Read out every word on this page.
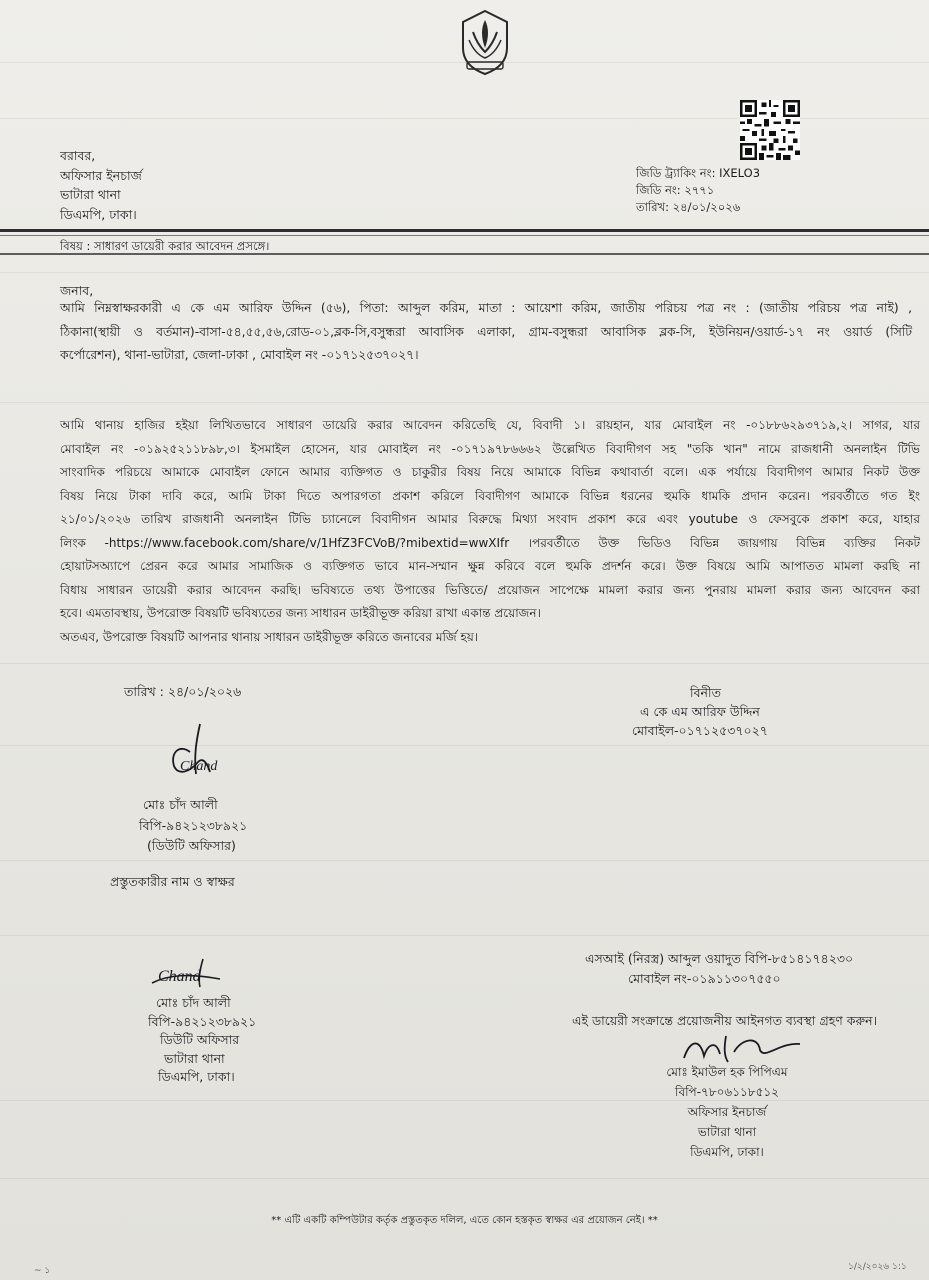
বরাবর,
অফিসার ইনচার্জ
ভাটারা থানা
ডিএমপি, ঢাকা।
জিডি ট্র্যাকিং নং: IXELO3
জিডি নং: ২৭৭১
তারিখ: ২৪/০১/২০২৬
বিষয় : সাধারণ ডায়েরী করার আবেদন প্রসঙ্গে।
জনাব,
আমি নিম্নস্বাক্ষরকারী এ কে এম আরিফ উদ্দিন (৫৬), পিতা: আব্দুল করিম, মাতা : আয়েশা করিম, জাতীয় পরিচয় পত্র নং : (জাতীয় পরিচয় পত্র নাই) ,
ঠিকানা(স্থায়ী ও বর্তমান)-বাসা-৫৪,৫৫,৫৬,রোড-০১,ব্লক-সি,বসুন্ধরা আবাসিক এলাকা, গ্রাম-বসুন্ধরা আবাসিক ব্লক-সি, ইউনিয়ন/ওয়ার্ড-১৭ নং ওয়ার্ড (সিটি
কর্পোরেশন), থানা-ভাটারা, জেলা-ঢাকা , মোবাইল নং -০১৭১২৫৩৭০২৭।
আমি থানায় হাজির হইয়া লিখিতভাবে সাধারণ ডায়েরি করার আবেদন করিতেছি যে, বিবাদী ১। রায়হান, যার মোবাইল নং -০১৮৮৬২৯৩৭১৯,২। সাগর, যার
মোবাইল নং -০১৯২৫২১১৮৯৮,৩। ইসমাইল হোসেন, যার মোবাইল নং -০১৭১৯৭৮৬৬৬২ উল্লেখিত বিবাদীগণ সহ "তকি খান" নামে রাজধানী অনলাইন টিভি
সাংবাদিক পরিচয়ে আমাকে মোবাইল ফোনে আমার ব্যক্তিগত ও চাকুরীর বিষয় নিয়ে আমাকে বিভিন্ন কথাবার্তা বলে। এক পর্যায়ে বিবাদীগণ আমার নিকট উক্ত
বিষয় নিয়ে টাকা দাবি করে, আমি টাকা দিতে অপারগতা প্রকাশ করিলে বিবাদীগণ আমাকে বিভিন্ন ধরনের হুমকি ধামকি প্রদান করেন। পরবর্তীতে গত ইং
২১/০১/২০২৬ তারিখ রাজধানী অনলাইন টিভি চ্যানেলে বিবাদীগন আমার বিরুদ্ধে মিথ্যা সংবাদ প্রকাশ করে এবং youtube ও ফেসবুকে প্রকাশ করে, যাহার
লিংক -https://www.facebook.com/share/v/1HfZ3FCVoB/?mibextid=wwXIfr ।পরবর্তীতে উক্ত ভিডিও বিভিন্ন জায়গায় বিভিন্ন ব্যক্তির নিকট
হোয়াটসঅ্যাপে প্রেরন করে আমার সামাজিক ও ব্যক্তিগত ভাবে মান-সম্মান ক্ষুন্ন করিবে বলে হুমকি প্রদর্শন করে। উক্ত বিষয়ে আমি আপাতত মামলা করছি না
বিধায় সাধারন ডায়েরী করার আবেদন করছি। ভবিষ্যতে তথ্য উপাত্তের ভিত্তিতে/ প্রয়োজন সাপেক্ষে মামলা করার জন্য পুনরায় মামলা করার জন্য আবেদন করা
হবে। এমতাবস্থায়, উপরোক্ত বিষয়টি ভবিষ্যতের জন্য সাধারন ডাইরীভূক্ত করিয়া রাখা একান্ত প্রয়োজন।
অতএব, উপরোক্ত বিষয়টি আপনার থানায় সাধারন ডাইরীভূক্ত করিতে জনাবের মর্জি হয়।
তারিখ : ২৪/০১/২০২৬	বিনীত
এ কে এম আরিফ উদ্দিন
মোবাইল-০১৭১২৫৩৭০২৭
Chand
মোঃ চাঁদ আলী
বিপি-৯৪২১২৩৮৯২১
(ডিউটি অফিসার)
প্রস্তুতকারীর নাম ও স্বাক্ষর
Chand
মোঃ চাঁদ আলী
বিপি-৯৪২১২৩৮৯২১
ডিউটি অফিসার
ভাটারা থানা
ডিএমপি, ঢাকা।
এসআই (নিরস্ত্র) আব্দুল ওয়াদুত বিপি-৮৫১৪১৭৪২৩০
মোবাইল নং-০১৯১১৩০৭৫৫০
এই ডায়েরী সংক্রান্তে প্রয়োজনীয় আইনগত ব্যবস্থা গ্রহণ করুন।
মোঃ ইমাউল হক পিপিএম
বিপি-৭৮০৬১১৮৫১২
অফিসার ইনচার্জ
ভাটারা থানা
ডিএমপি, ঢাকা।
** এটি একটি কম্পিউটার কর্তৃক প্রস্তুতকৃত দলিল, এতে কোন হস্তকৃত স্বাক্ষর এর প্রয়োজন নেই। **
~ ১	১/২/২০২৬ ১:১
